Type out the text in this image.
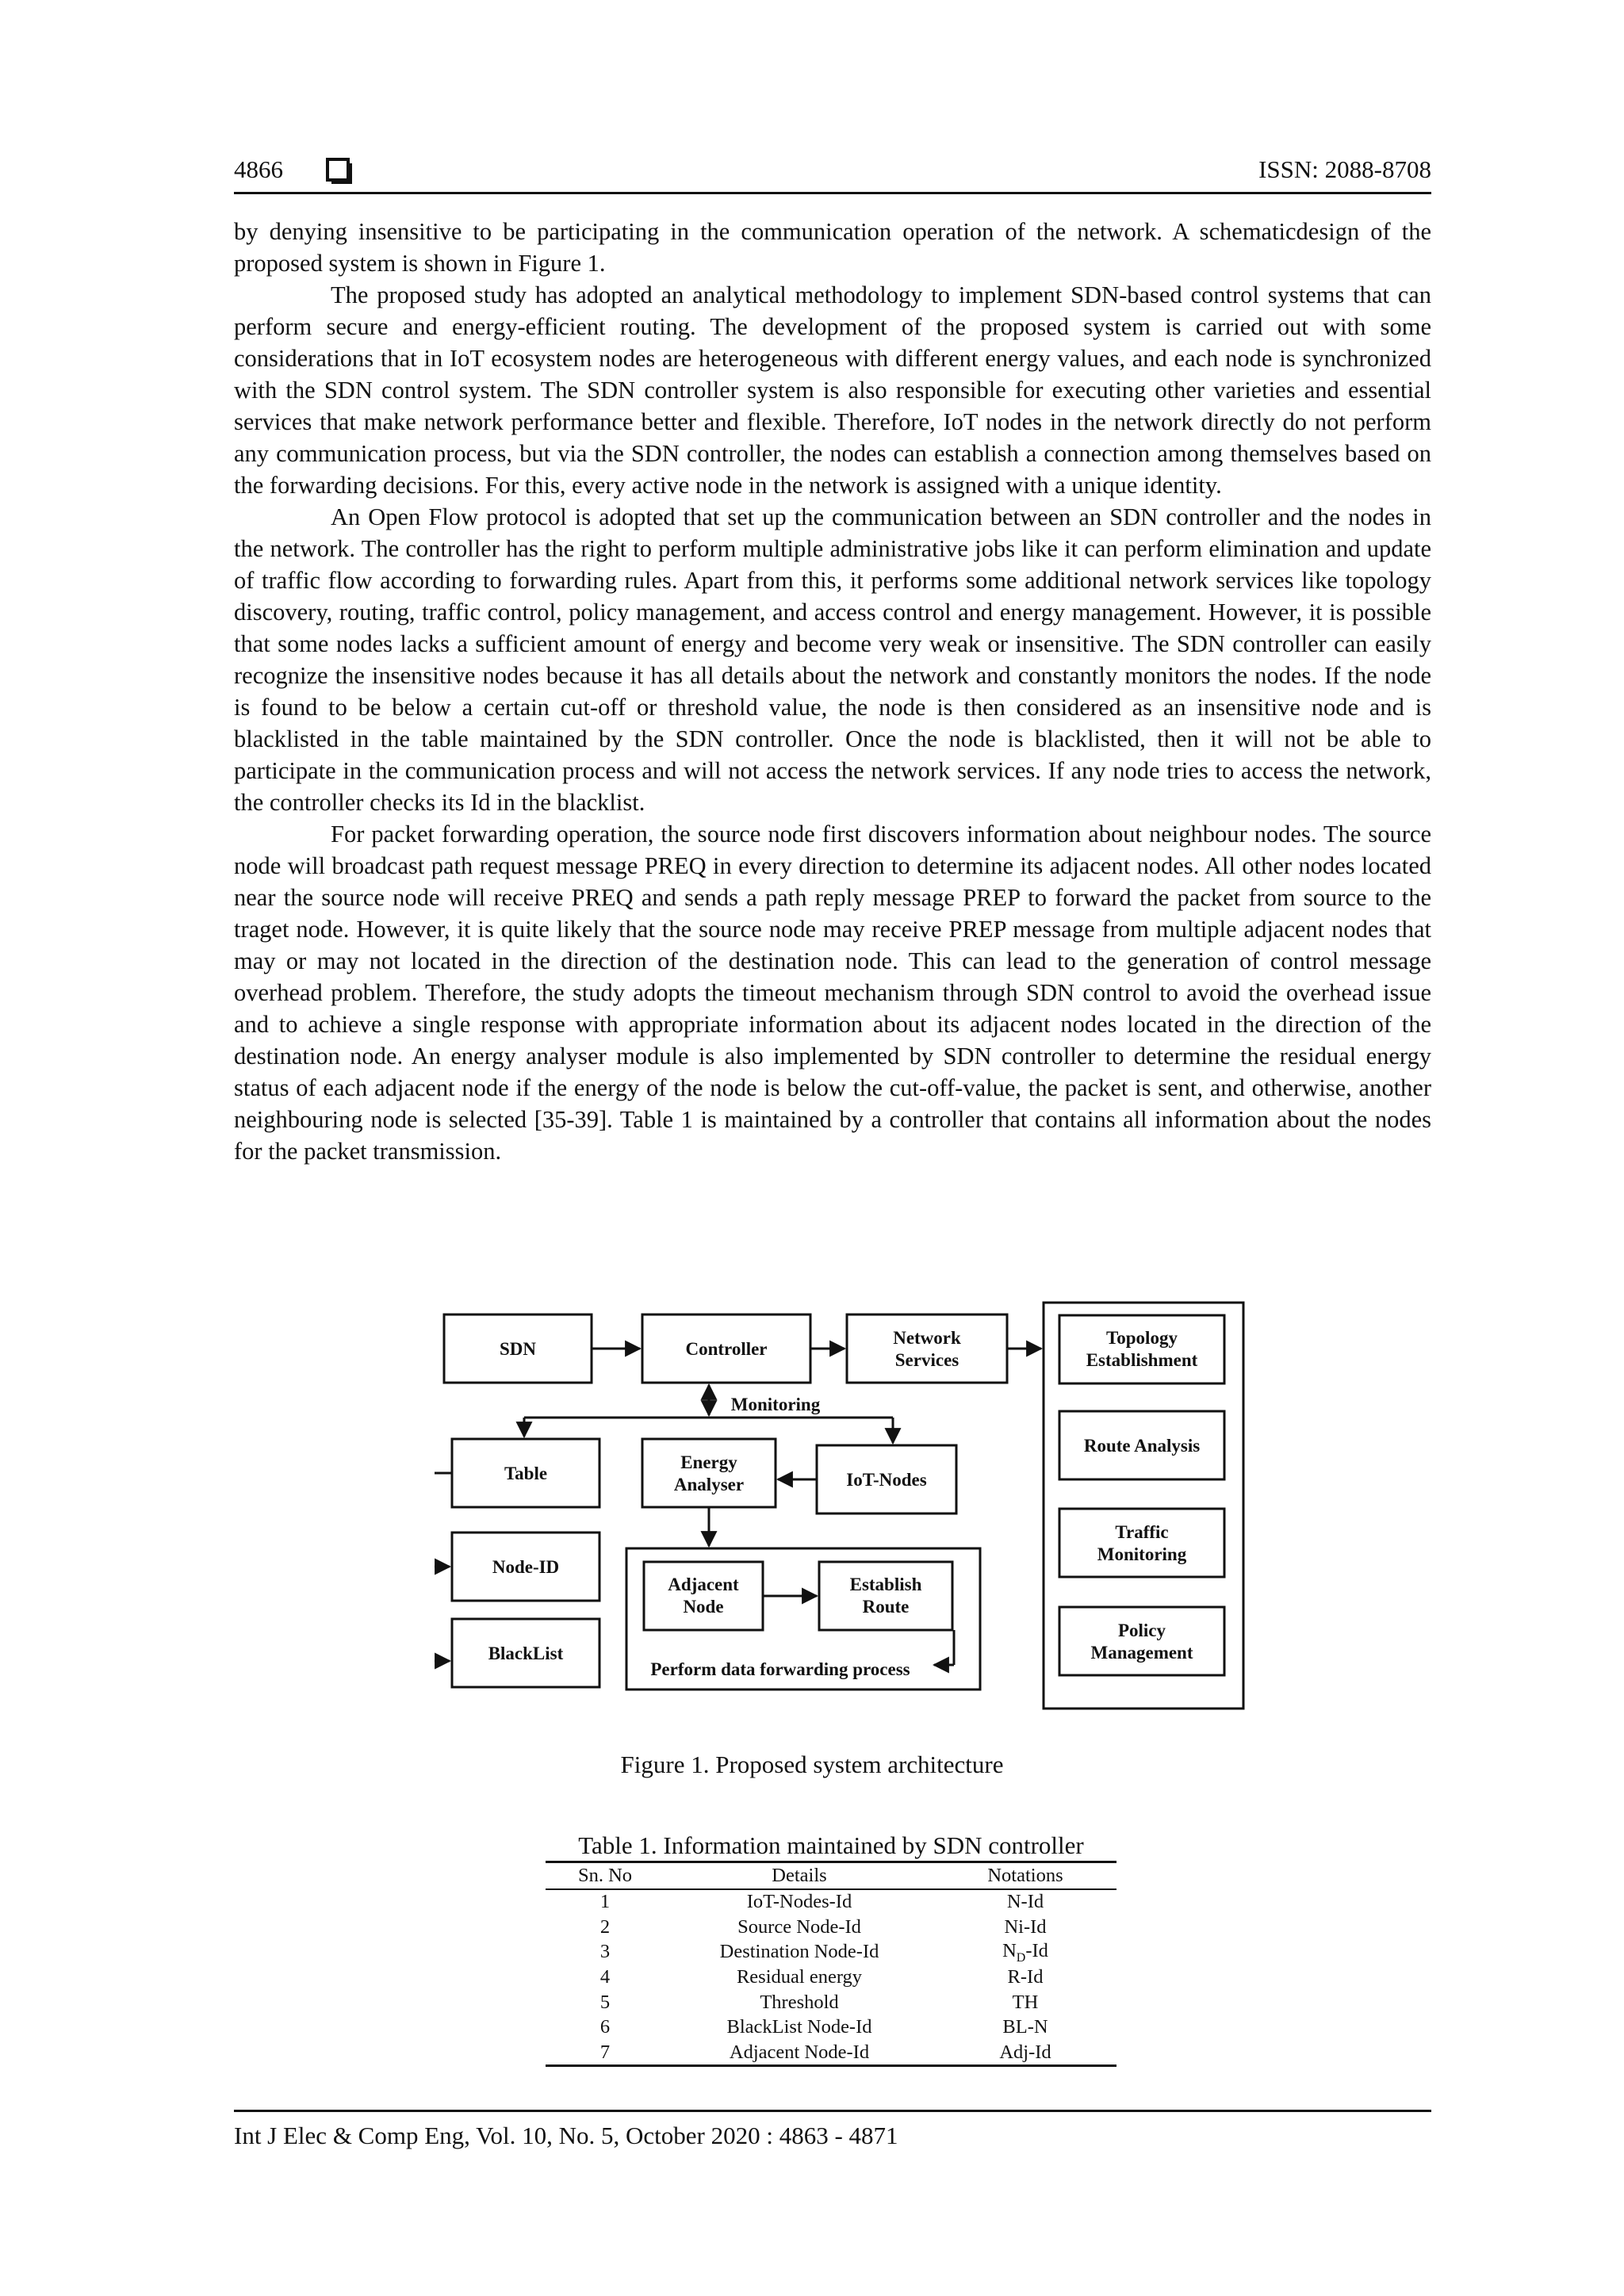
4866	ISSN: 2088-8708

by denying insensitive to be participating in the communication operation of the network. A schematicdesign of the proposed system is shown in Figure 1.

The proposed study has adopted an analytical methodology to implement SDN-based control systems that can perform secure and energy-efficient routing. The development of the proposed system is carried out with some considerations that in IoT ecosystem nodes are heterogeneous with different energy values, and each node is synchronized with the SDN control system. The SDN controller system is also responsible for executing other varieties and essential services that make network performance better and flexible. Therefore, IoT nodes in the network directly do not perform any communication process, but via the SDN controller, the nodes can establish a connection among themselves based on the forwarding decisions. For this, every active node in the network is assigned with a unique identity.

An Open Flow protocol is adopted that set up the communication between an SDN controller and the nodes in the network. The controller has the right to perform multiple administrative jobs like it can perform elimination and update of traffic flow according to forwarding rules. Apart from this, it performs some additional network services like topology discovery, routing, traffic control, policy management, and access control and energy management. However, it is possible that some nodes lacks a sufficient amount of energy and become very weak or insensitive. The SDN controller can easily recognize the insensitive nodes because it has all details about the network and constantly monitors the nodes. If the node is found to be below a certain cut-off or threshold value, the node is then considered as an insensitive node and is blacklisted in the table maintained by the SDN controller. Once the node is blacklisted, then it will not be able to participate in the communication process and will not access the network services. If any node tries to access the network, the controller checks its Id in the blacklist.

For packet forwarding operation, the source node first discovers information about neighbour nodes. The source node will broadcast path request message PREQ in every direction to determine its adjacent nodes. All other nodes located near the source node will receive PREQ and sends a path reply message PREP to forward the packet from source to the traget node. However, it is quite likely that the source node may receive PREP message from multiple adjacent nodes that may or may not located in the direction of the destination node. This can lead to the generation of control message overhead problem. Therefore, the study adopts the timeout mechanism through SDN control to avoid the overhead issue and to achieve a single response with appropriate information about its adjacent nodes located in the direction of the destination node. An energy analyser module is also implemented by SDN controller to determine the residual energy status of each adjacent node if the energy of the node is below the cut-off-value, the packet is sent, and otherwise, another neighbouring node is selected [35-39]. Table 1 is maintained by a controller that contains all information about the nodes for the packet transmission.

SDN	Controller
Network
Services
Monitoring
Table
Energy
Analyser	IoT-Nodes
Node-ID
BlackList
Adjacent
Node
Establish
Route
Perform data forwarding process
Topology
Establishment
Route Analysis
Traffic
Monitoring
Policy
Management
Figure 1. Proposed system architecture
Table 1. Information maintained by SDN controller
Sn. No	Details	Notations
1	IoT-Nodes-Id	N-Id
2	Source Node-Id	Ni-Id
3	Destination Node-Id	$N_D-Id$
4	Residual energy	R-Id
5	Threshold	TH
6	BlackList Node-Id	BL-N
7	Adjacent Node-Id	Adj-Id
Int J Elec & Comp Eng, Vol. 10, No. 5, October 2020 : 4863 - 4871
